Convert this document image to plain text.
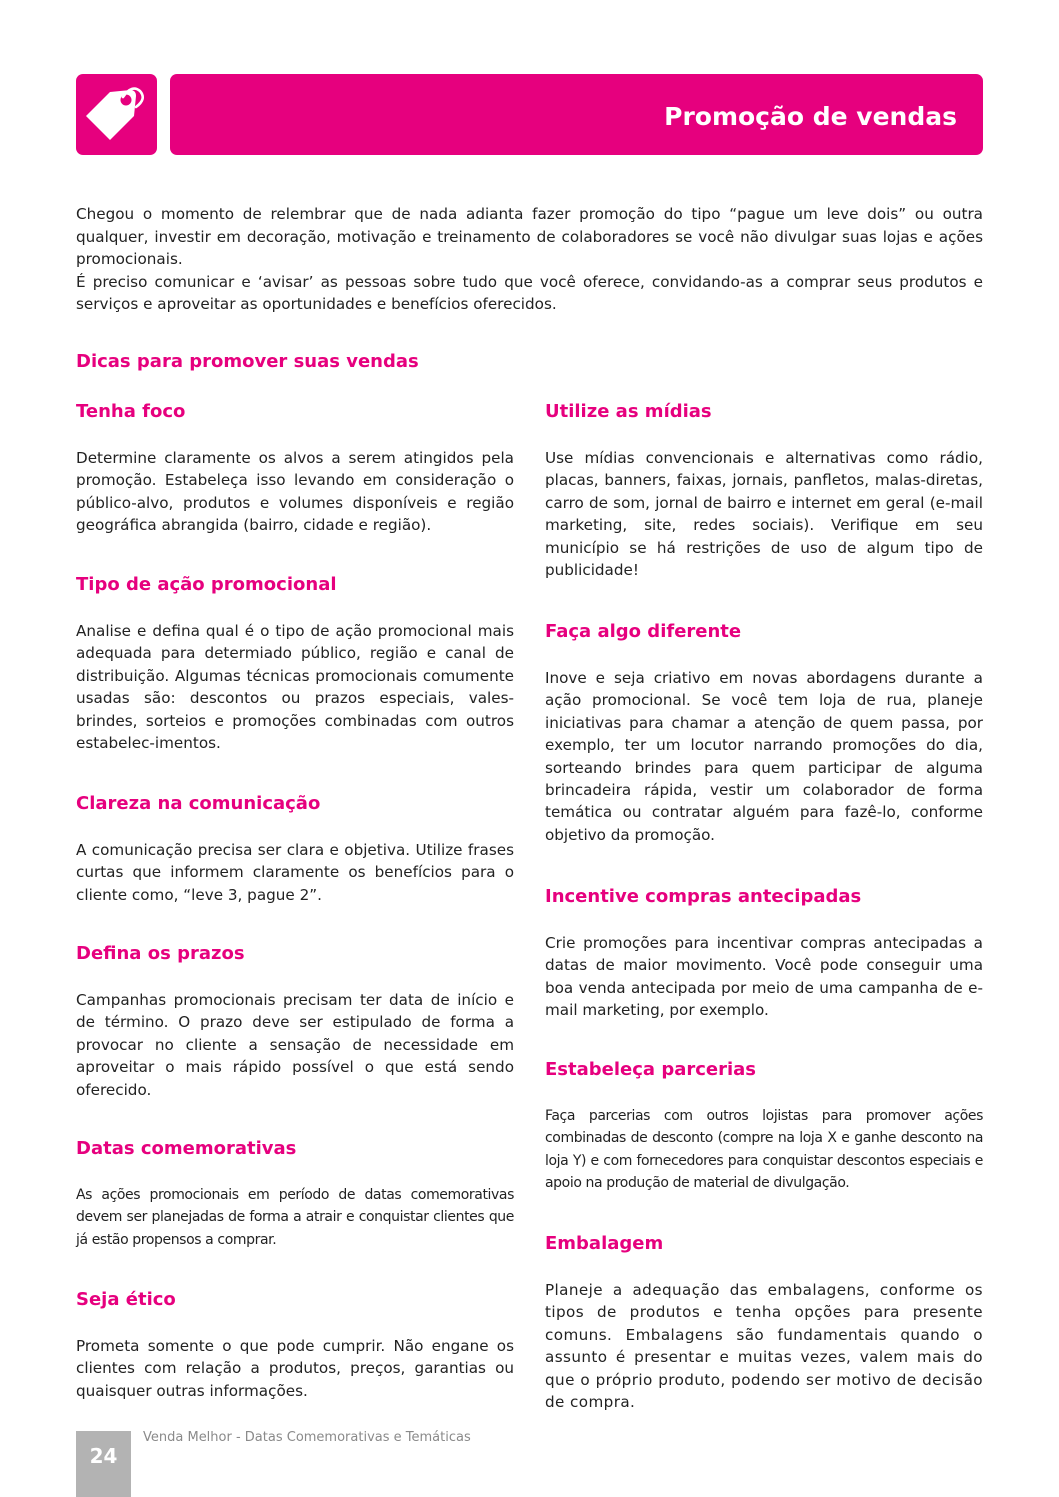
Promoção de vendas

Chegou o momento de relembrar que de nada adianta fazer promoção do tipo “pague um leve dois” ou outra qualquer, investir em decoração, motivação e treinamento de colaboradores se você não divulgar suas lojas e ações promocionais.

É preciso comunicar e ‘avisar’ as pessoas sobre tudo que você oferece, convidando-as a comprar seus produtos e serviços e aproveitar as oportunidades e benefícios oferecidos.

Dicas para promover suas vendas
Tenha foco

Determine claramente os alvos a serem atingidos pela promoção. Estabeleça isso levando em consideração o público-alvo, produtos e volumes disponíveis e região geográfica abrangida (bairro, cidade e região).

Tipo de ação promocional

Analise e defina qual é o tipo de ação promocional mais adequada para determiado público, região e canal de distribuição. Algumas técnicas promocionais comumente usadas são: descontos ou prazos especiais, vales-brindes, sorteios e promoções combinadas com outros estabelec-imentos.

Clareza na comunicação

A comunicação precisa ser clara e objetiva. Utilize frases curtas que informem claramente os benefícios para o cliente como, “leve 3, pague 2”.

Defina os prazos

Campanhas promocionais precisam ter data de início e de término. O prazo deve ser estipulado de forma a provocar no cliente a sensação de necessidade em aproveitar o mais rápido possível o que está sendo oferecido.

Datas comemorativas

As ações promocionais em período de datas comemorativas devem ser planejadas de forma a atrair e conquistar clientes que já estão propensos a comprar.

Seja ético

Prometa somente o que pode cumprir. Não engane os clientes com relação a produtos, preços, garantias ou quaisquer outras informações.

Utilize as mídias

Use mídias convencionais e alternativas como rádio, placas, banners, faixas, jornais, panfletos, malas-diretas, carro de som, jornal de bairro e internet em geral (e-mail marketing, site, redes sociais). Verifique em seu município se há restrições de uso de algum tipo de publicidade!

Faça algo diferente

Inove e seja criativo em novas abordagens durante a ação promocional. Se você tem loja de rua, planeje iniciativas para chamar a atenção de quem passa, por exemplo, ter um locutor narrando promoções do dia, sorteando brindes para quem participar de alguma brincadeira rápida, vestir um colaborador de forma temática ou contratar alguém para fazê-lo, conforme objetivo da promoção.

Incentive compras antecipadas

Crie promoções para incentivar compras antecipadas a datas de maior movimento. Você pode conseguir uma boa venda antecipada por meio de uma campanha de e-mail marketing, por exemplo.

Estabeleça parcerias

Faça parcerias com outros lojistas para promover ações combinadas de desconto (compre na loja X e ganhe desconto na loja Y) e com fornecedores para conquistar descontos especiais e apoio na produção de material de divulgação.

Embalagem

Planeje a adequação das embalagens, conforme os tipos de produtos e tenha opções para presente comuns. Embalagens são fundamentais quando o assunto é presentar e muitas vezes, valem mais do que o próprio produto, podendo ser motivo de decisão de compra.

24
Venda Melhor - Datas Comemorativas e Temáticas
